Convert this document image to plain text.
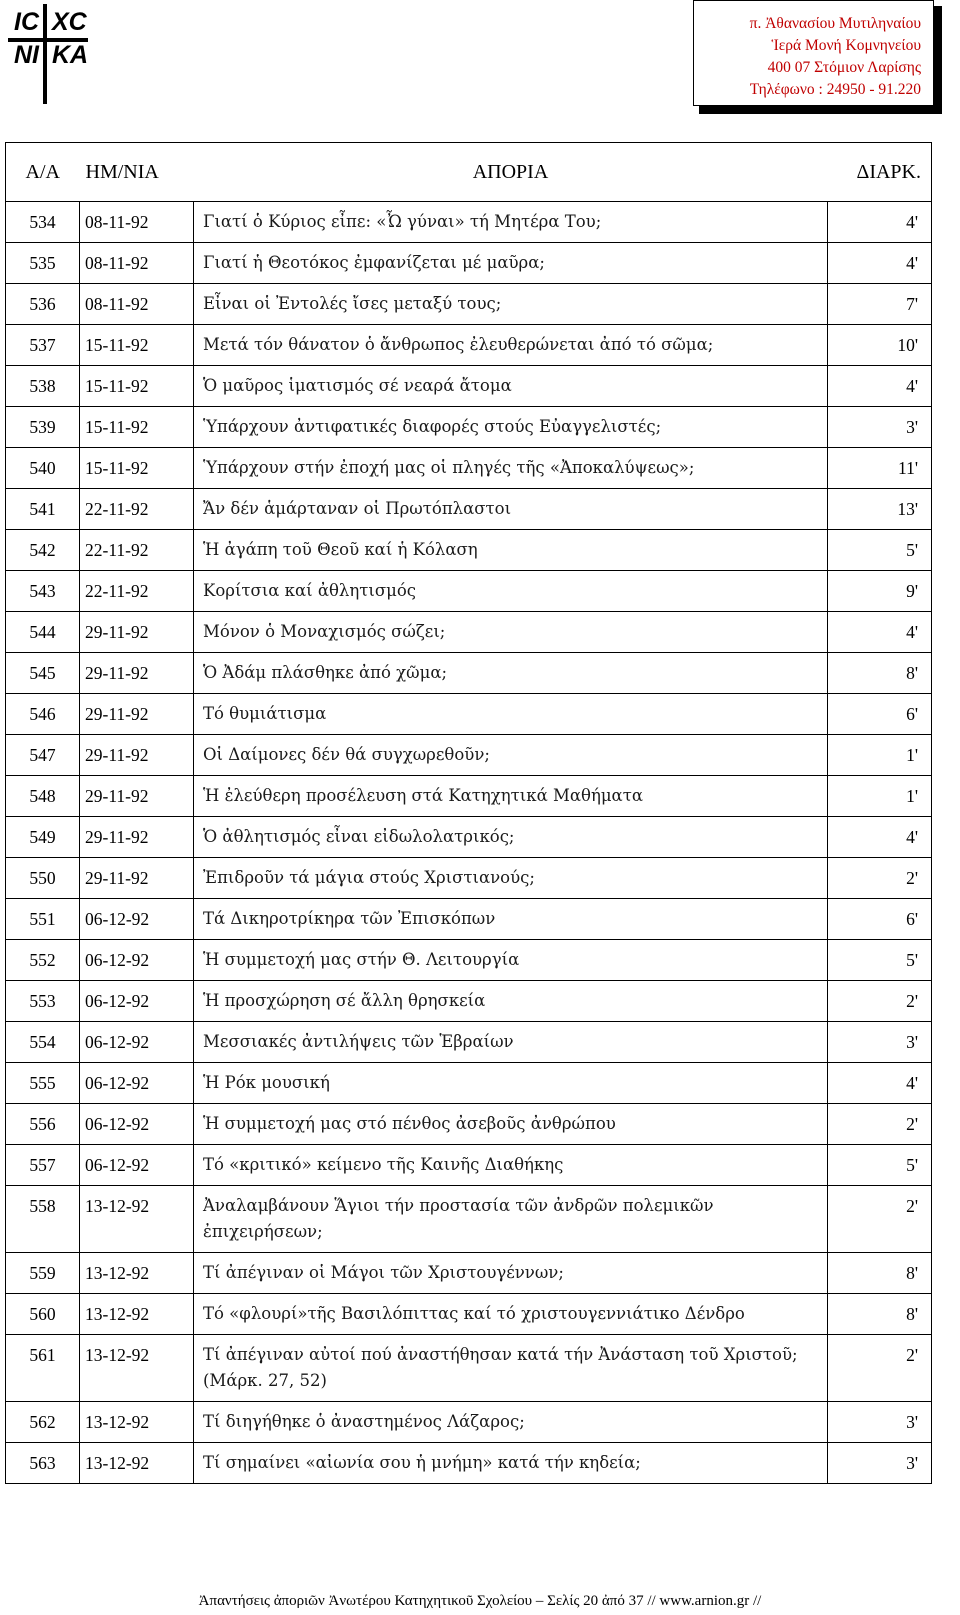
IC XC
NI KA
π. Ἀθανασίου Μυτιληναίου
Ἱερά Μονή Κομνηνείου
400 07 Στόμιον Λαρίσης
Τηλέφωνο : 24950 - 91.220
Α/Α	ΗΜ/ΝΙΑ	ΑΠΟΡΙΑ	ΔΙΑΡΚ.
534	08-11-92	Γιατί ὁ Κύριος εἶπε: «Ὦ γύναι» τή Μητέρα Του;	4'
535	08-11-92	Γιατί ἡ Θεοτόκος ἐμφανίζεται μέ μαῦρα;	4'
536	08-11-92	Εἶναι οἱ Ἐντολές ἴσες μεταξύ τους;	7'
537	15-11-92	Μετά τόν θάνατον ὁ ἄνθρωπος ἐλευθερώνεται ἀπό τό σῶμα;	10'
538	15-11-92	Ὁ μαῦρος ἱματισμός σέ νεαρά ἄτομα	4'
539	15-11-92	Ὑπάρχουν ἀντιφατικές διαφορές στούς Εὐαγγελιστές;	3'
540	15-11-92	Ὑπάρχουν στήν ἐποχή μας οἱ πληγές τῆς «Ἀποκαλύψεως»;	11'
541	22-11-92	Ἄν δέν ἁμάρταναν οἱ Πρωτόπλαστοι	13'
542	22-11-92	Ἡ ἀγάπη τοῦ Θεοῦ καί ἡ Κόλαση	5'
543	22-11-92	Κορίτσια καί ἀθλητισμός	9'
544	29-11-92	Μόνον ὁ Μοναχισμός σώζει;	4'
545	29-11-92	Ὁ Ἀδάμ πλάσθηκε ἀπό χῶμα;	8'
546	29-11-92	Τό θυμιάτισμα	6'
547	29-11-92	Οἱ Δαίμονες δέν θά συγχωρεθοῦν;	1'
548	29-11-92	Ἡ ἐλεύθερη προσέλευση στά Κατηχητικά Μαθήματα	1'
549	29-11-92	Ὁ ἀθλητισμός εἶναι εἰδωλολατρικός;	4'
550	29-11-92	Ἐπιδροῦν τά μάγια στούς Χριστιανούς;	2'
551	06-12-92	Τά Δικηροτρίκηρα τῶν Ἐπισκόπων	6'
552	06-12-92	Ἡ συμμετοχή μας στήν Θ. Λειτουργία	5'
553	06-12-92	Ἡ προσχώρηση σέ ἄλλη θρησκεία	2'
554	06-12-92	Μεσσιακές ἀντιλήψεις τῶν Ἑβραίων	3'
555	06-12-92	Ἡ Ρόκ μουσική	4'
556	06-12-92	Ἡ συμμετοχή μας στό πένθος ἀσεβοῦς ἀνθρώπου	2'
557	06-12-92	Τό «κριτικό» κείμενο τῆς Καινῆς Διαθήκης	5'
558	13-12-92	Ἀναλαμβάνουν Ἅγιοι τήν προστασία τῶν ἀνδρῶν πολεμικῶν ἐπιχειρήσεων;	2'
559	13-12-92	Τί ἀπέγιναν οἱ Μάγοι τῶν Χριστουγέννων;	8'
560	13-12-92	Τό «φλουρί»τῆς Βασιλόπιττας καί τό χριστουγεννιάτικο Δένδρο	8'
561	13-12-92	Τί ἀπέγιναν αὐτοί πού ἀναστήθησαν κατά τήν Ἀνάσταση τοῦ Χριστοῦ; (Μάρκ. 27, 52)	2'
562	13-12-92	Τί διηγήθηκε ὁ ἀναστημένος Λάζαρος;	3'
563	13-12-92	Τί σημαίνει «αἰωνία σου ἡ μνήμη» κατά τήν κηδεία;	3'
Ἀπαντήσεις ἀποριῶν Ἀνωτέρου Κατηχητικοῦ Σχολείου – Σελίς 20 ἀπό 37 // www.arnion.gr //
